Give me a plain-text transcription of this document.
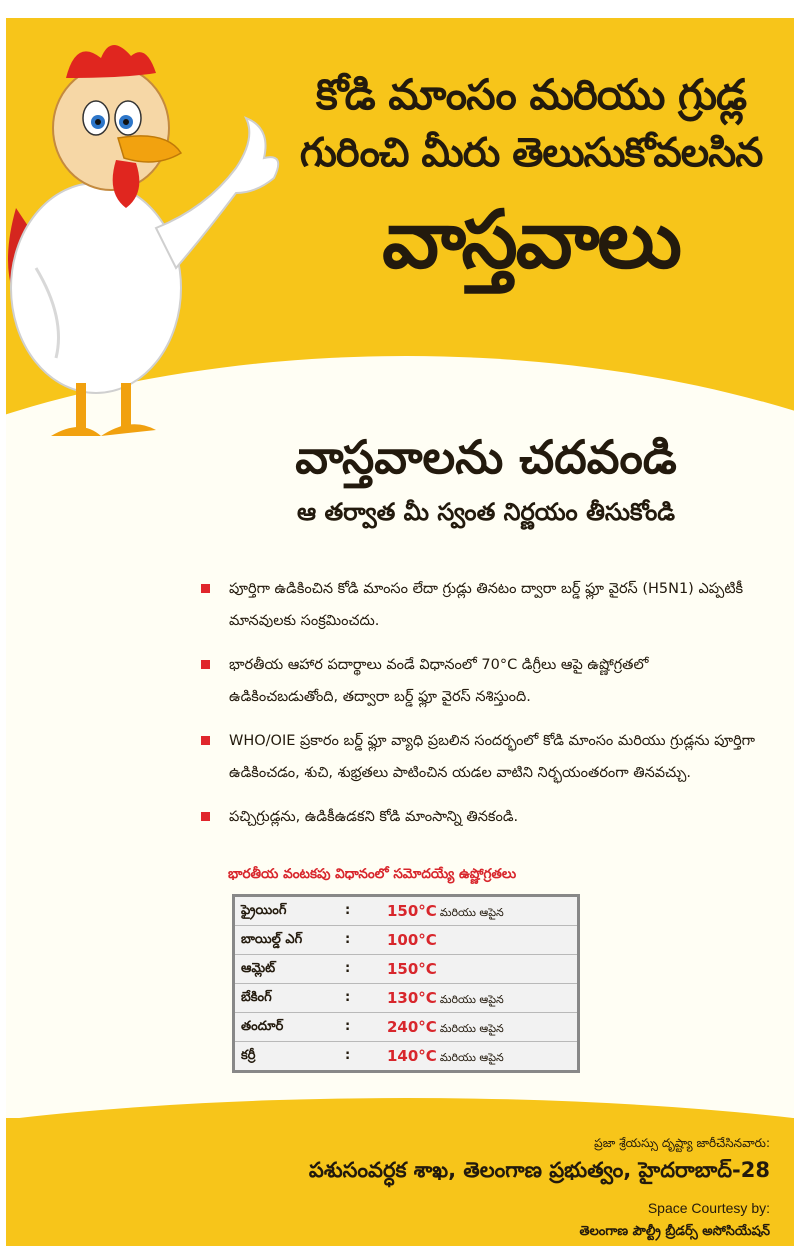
కోడి మాంసం మరియు గ్రుడ్ల
గురించి మీరు తెలుసుకోవలసిన
వాస్తవాలు
వాస్తవాలను చదవండి
ఆ తర్వాత మీ స్వంత నిర్ణయం తీసుకోండి
పూర్తిగా ఉడికించిన కోడి మాంసం లేదా గ్రుడ్లు తినటం ద్వారా బర్డ్ ఫ్లూ వైరస్ (H5N1) ఎప్పటికీ మానవులకు సంక్రమించదు.
భారతీయ ఆహార పదార్థాలు వండే విధానంలో 70°C డిగ్రీలు ఆపై ఉష్ణోగ్రతలో ఉడికించబడుతోంది, తద్వారా బర్డ్ ఫ్లూ వైరస్ నశిస్తుంది.
WHO/OIE ప్రకారం బర్డ్ ఫ్లూ వ్యాధి ప్రబలిన సందర్భంలో కోడి మాంసం మరియు గ్రుడ్లను పూర్తిగా ఉడికించడం, శుచి, శుభ్రతలు పాటించిన యడల వాటిని నిర్భయంతరంగా తినవచ్చు.
పచ్చిగ్రుడ్లను, ఉడికీఉడకని కోడి మాంసాన్ని తినకండి.
భారతీయ వంటకపు విధానంలో సమోదయ్యే ఉష్ణోగ్రతలు
ఫ్రైయింగ్	: 150°C మరియు ఆపైన
బాయిల్డ్ ఎగ్	: 100°C
ఆమ్లెట్	: 150°C
బేకింగ్	: 130°C మరియు ఆపైన
తందూర్	: 240°C మరియు ఆపైన
కర్రీ	: 140°C మరియు ఆపైన
ప్రజా శ్రేయస్సు దృష్ట్యా జారీచేసినవారు:
పశుసంవర్ధక శాఖ, తెలంగాణ ప్రభుత్వం, హైదరాబాద్-28
Space Courtesy by:
తెలంగాణ పౌల్ట్రీ బ్రీడర్స్ అసోసియేషన్
